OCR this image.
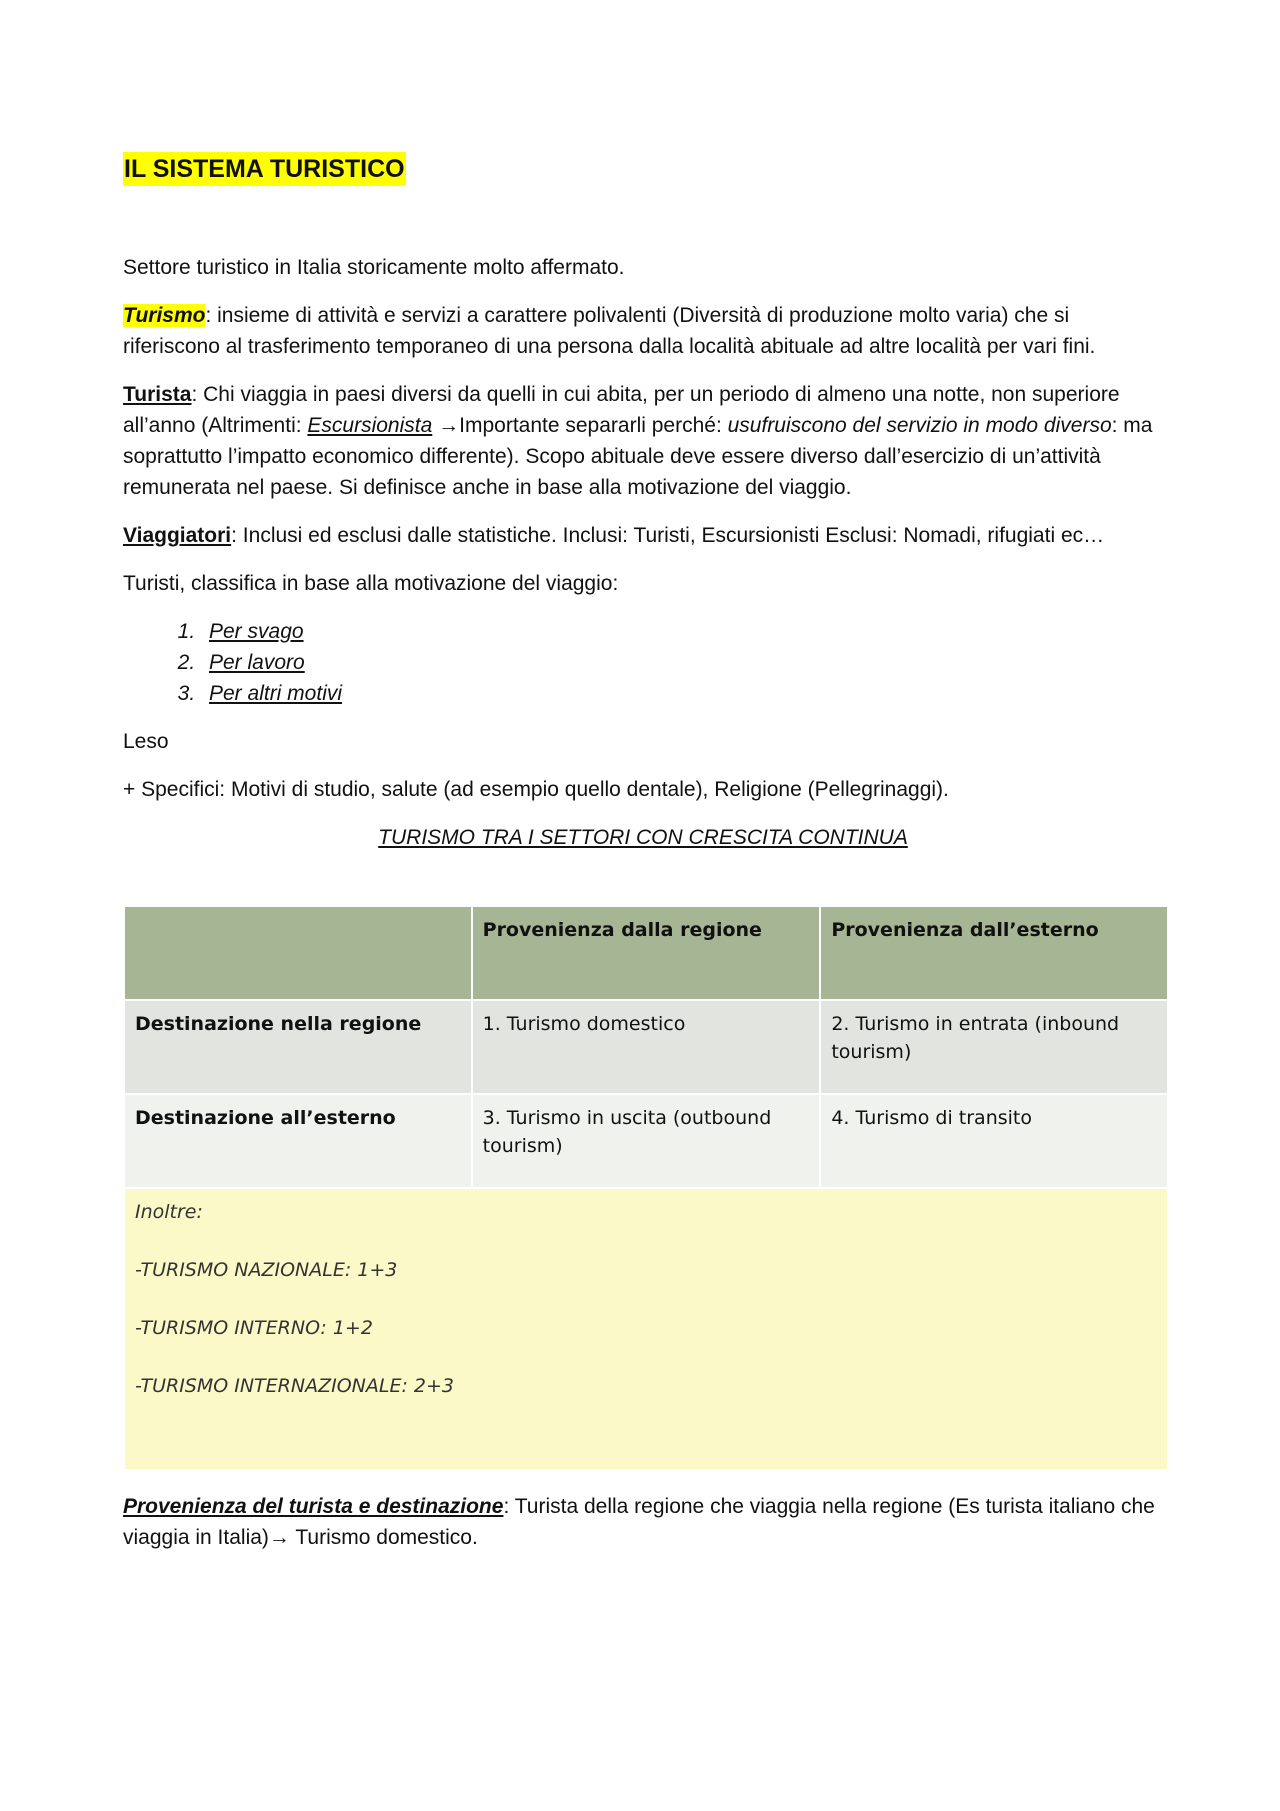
IL SISTEMA TURISTICO

Settore turistico in Italia storicamente molto affermato.

Turismo: insieme di attività e servizi a carattere polivalenti (Diversità di produzione molto varia) che si riferiscono al trasferimento temporaneo di una persona dalla località abituale ad altre località per vari fini.

Turista: Chi viaggia in paesi diversi da quelli in cui abita, per un periodo di almeno una notte, non superiore all’anno (Altrimenti: Escursionista →Importante separarli perché: usufruiscono del servizio in modo diverso: ma soprattutto l’impatto economico differente). Scopo abituale deve essere diverso dall’esercizio di un’attività remunerata nel paese. Si definisce anche in base alla motivazione del viaggio.

Viaggiatori: Inclusi ed esclusi dalle statistiche. Inclusi: Turisti, Escursionisti Esclusi: Nomadi, rifugiati ec…

Turisti, classifica in base alla motivazione del viaggio:

1. Per svago
2. Per lavoro
3. Per altri motivi

Leso

+ Specifici: Motivi di studio, salute (ad esempio quello dentale), Religione (Pellegrinaggi).

TURISMO TRA I SETTORI CON CRESCITA CONTINUA

	Provenienza dalla regione	Provenienza dall’esterno
Destinazione nella regione	1. Turismo domestico	2. Turismo in entrata (inbound tourism)
Destinazione all’esterno	3. Turismo in uscita (outbound tourism)	4. Turismo di transito

Inoltre:
-TURISMO NAZIONALE: 1+3
-TURISMO INTERNO: 1+2
-TURISMO INTERNAZIONALE: 2+3		

Provenienza del turista e destinazione: Turista della regione che viaggia nella regione (Es turista italiano che viaggia in Italia)→ Turismo domestico.
